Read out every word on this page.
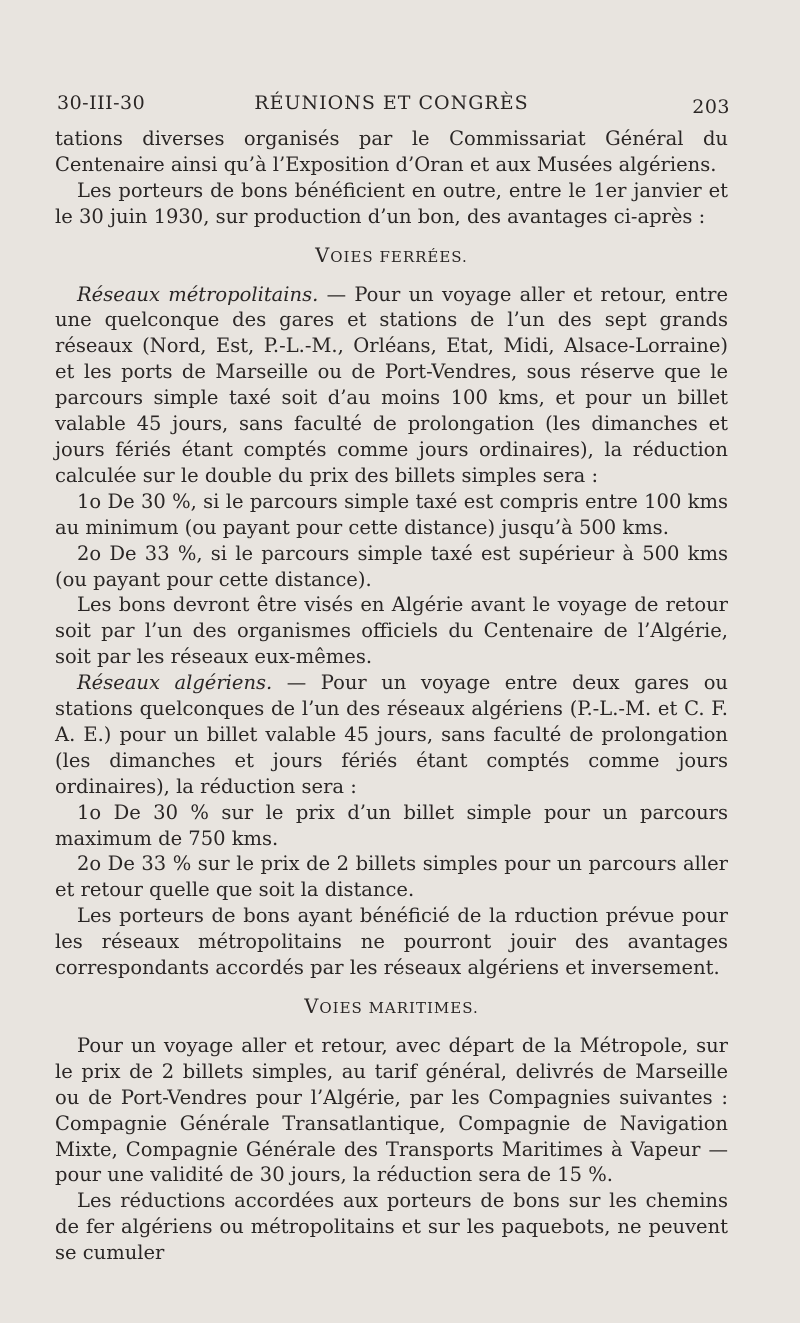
30-III-30	RÉUNIONS ET CONGRÈS	203

tations diverses organisés par le Commissariat Général du Centenaire ainsi qu’à l’Exposition d’Oran et aux Musées algériens.

Les porteurs de bons bénéficient en outre, entre le 1er janvier et le 30 juin 1930, sur production d’un bon, des avantages ci-après :

VOIES FERRÉES.

Réseaux métropolitains. — Pour un voyage aller et retour, entre une quelconque des gares et stations de l’un des sept grands réseaux (Nord, Est, P.-L.-M., Orléans, Etat, Midi, Alsace-Lorraine) et les ports de Marseille ou de Port-Vendres, sous réserve que le parcours simple taxé soit d’au moins 100 kms, et pour un billet valable 45 jours, sans faculté de prolongation (les dimanches et jours fériés étant comptés comme jours ordinaires), la réduction calculée sur le double du prix des billets simples sera :

1o De 30 %, si le parcours simple taxé est compris entre 100 kms au minimum (ou payant pour cette distance) jusqu’à 500 kms.

2o De 33 %, si le parcours simple taxé est supérieur à 500 kms (ou payant pour cette distance).

Les bons devront être visés en Algérie avant le voyage de retour soit par l’un des organismes officiels du Centenaire de l’Algérie, soit par les réseaux eux-mêmes.

Réseaux algériens. — Pour un voyage entre deux gares ou stations quelconques de l’un des réseaux algériens (P.-L.-M. et C. F. A. E.) pour un billet valable 45 jours, sans faculté de prolongation (les dimanches et jours fériés étant comptés comme jours ordinaires), la réduction sera :

1o De 30 % sur le prix d’un billet simple pour un parcours maximum de 750 kms.

2o De 33 % sur le prix de 2 billets simples pour un parcours aller et retour quelle que soit la distance.

Les porteurs de bons ayant bénéficié de la rduction prévue pour les réseaux métropolitains ne pourront jouir des avantages correspondants accordés par les réseaux algériens et inversement.

VOIES MARITIMES.

Pour un voyage aller et retour, avec départ de la Métropole, sur le prix de 2 billets simples, au tarif général, delivrés de Marseille ou de Port-Vendres pour l’Algérie, par les Compagnies suivantes : Compagnie Générale Transatlantique, Compagnie de Navigation Mixte, Compagnie Générale des Transports Maritimes à Vapeur — pour une validité de 30 jours, la réduction sera de 15 %.

Les réductions accordées aux porteurs de bons sur les chemins de fer algériens ou métropolitains et sur les paquebots, ne peuvent se cumuler
